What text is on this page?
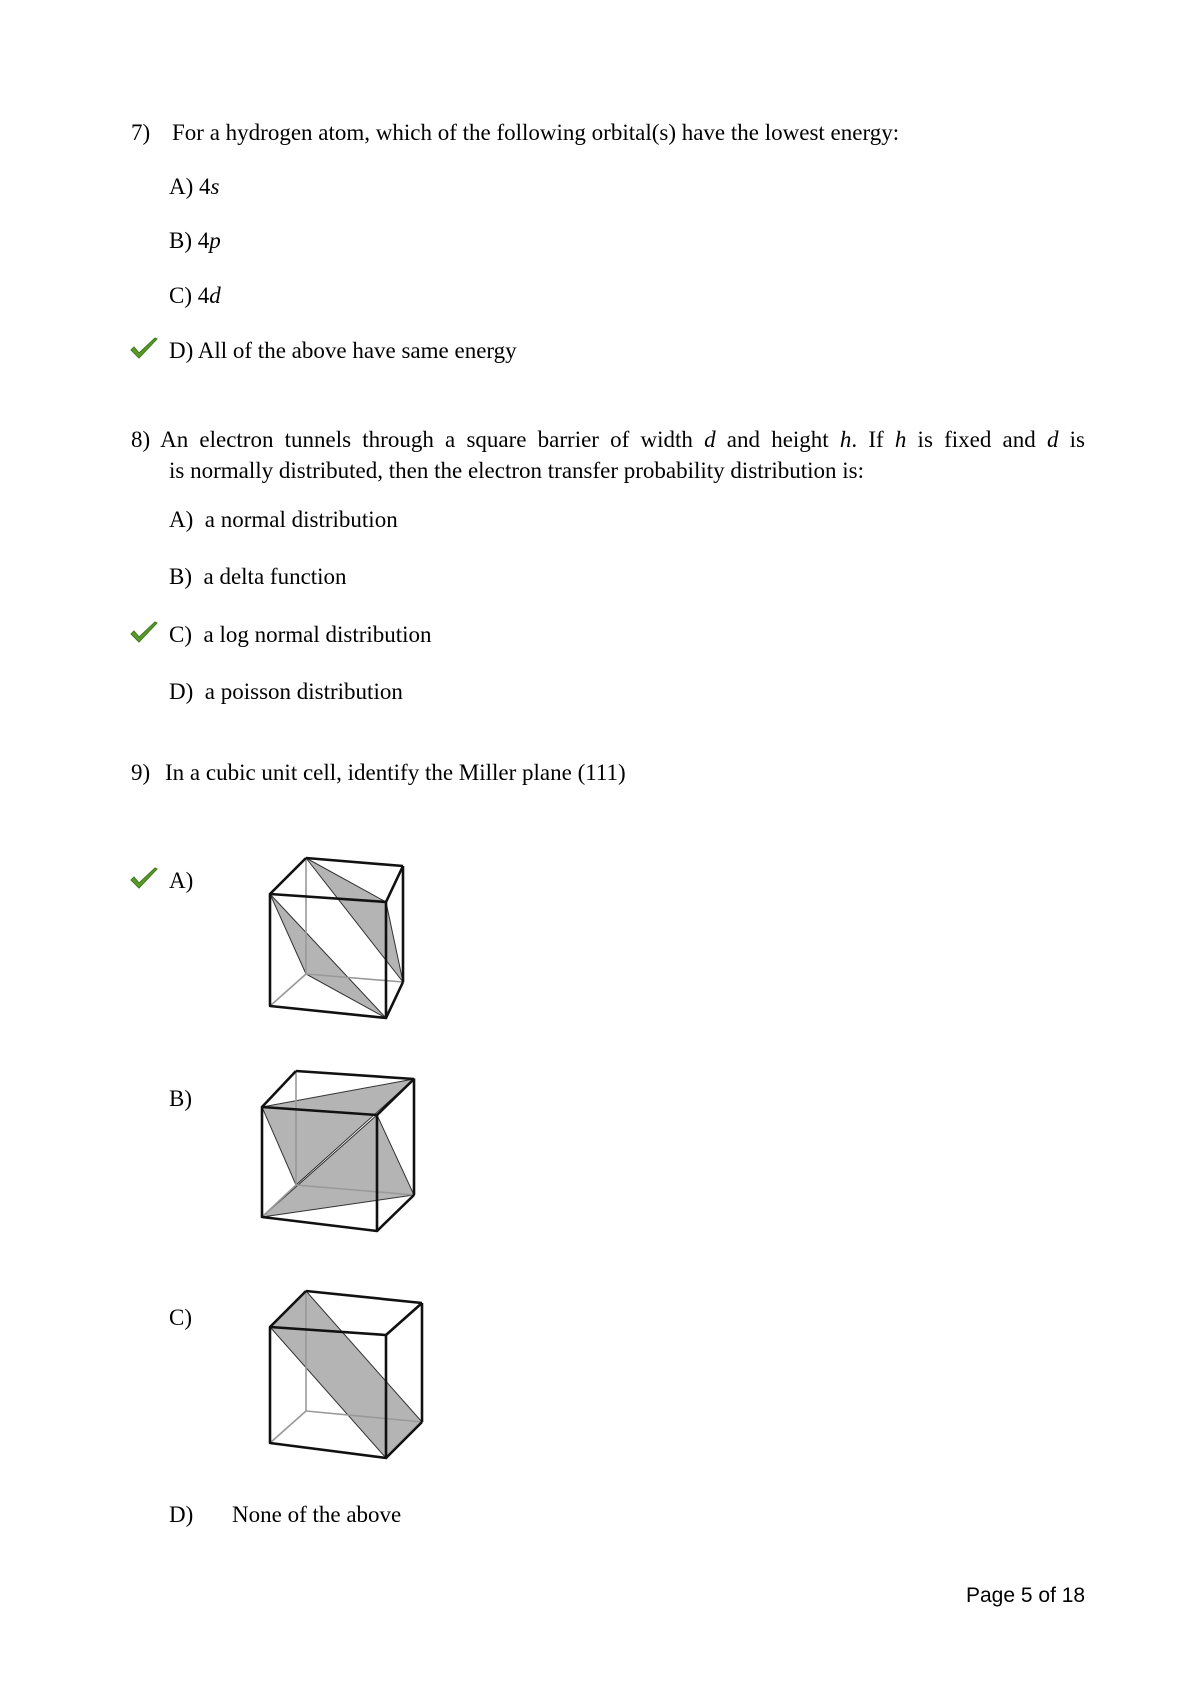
7) For a hydrogen atom, which of the following orbital(s) have the lowest energy:
A) 4s
B) 4p
C) 4d
D) All of the above have same energy
8) An electron tunnels through a square barrier of width d and height h. If h is fixed and d is
is normally distributed, then the electron transfer probability distribution is:
A) a normal distribution
B) a delta function
C) a log normal distribution
D) a poisson distribution
9) In a cubic unit cell, identify the Miller plane (111)
A)
B)
C)
D) None of the above
Page 5 of 18
